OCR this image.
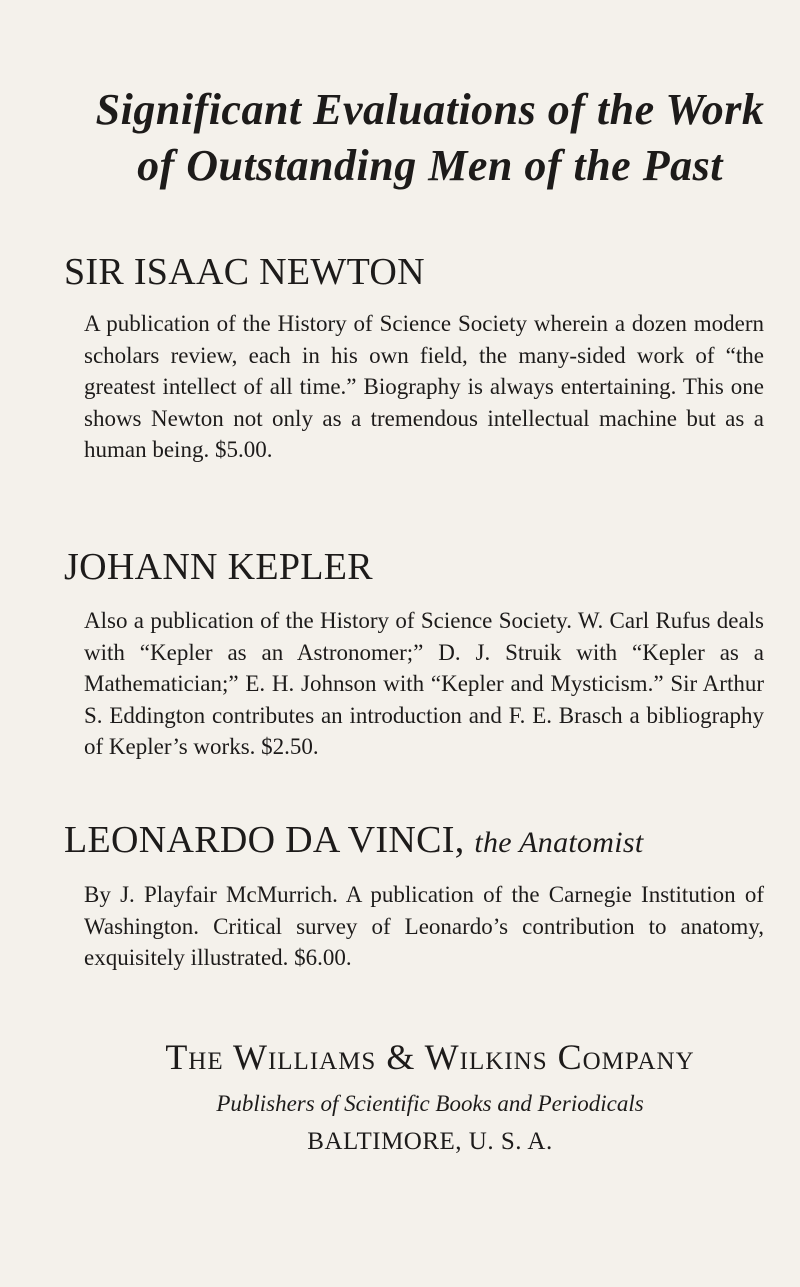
Significant Evaluations of the Work
of Outstanding Men of the Past
SIR ISAAC NEWTON

A publication of the History of Science Society wherein a dozen modern scholars review, each in his own field, the many-sided work of “the greatest intellect of all time.” Biography is always entertaining. This one shows Newton not only as a tremendous intellectual machine but as a human being. $5.00.

JOHANN KEPLER

Also a publication of the History of Science Society. W. Carl Rufus deals with “Kepler as an Astronomer;” D. J. Struik with “Kepler as a Mathematician;” E. H. Johnson with “Kepler and Mysticism.” Sir Arthur S. Eddington contributes an introduction and F. E. Brasch a bibliography of Kepler’s works. $2.50.

LEONARDO DA VINCI, the Anatomist

By J. Playfair McMurrich. A publication of the Carnegie Institution of Washington. Critical survey of Leonardo’s contribution to anatomy, exquisitely illustrated. $6.00.

The Williams & Wilkins Company

Publishers of Scientific Books and Periodicals

BALTIMORE, U. S. A.
